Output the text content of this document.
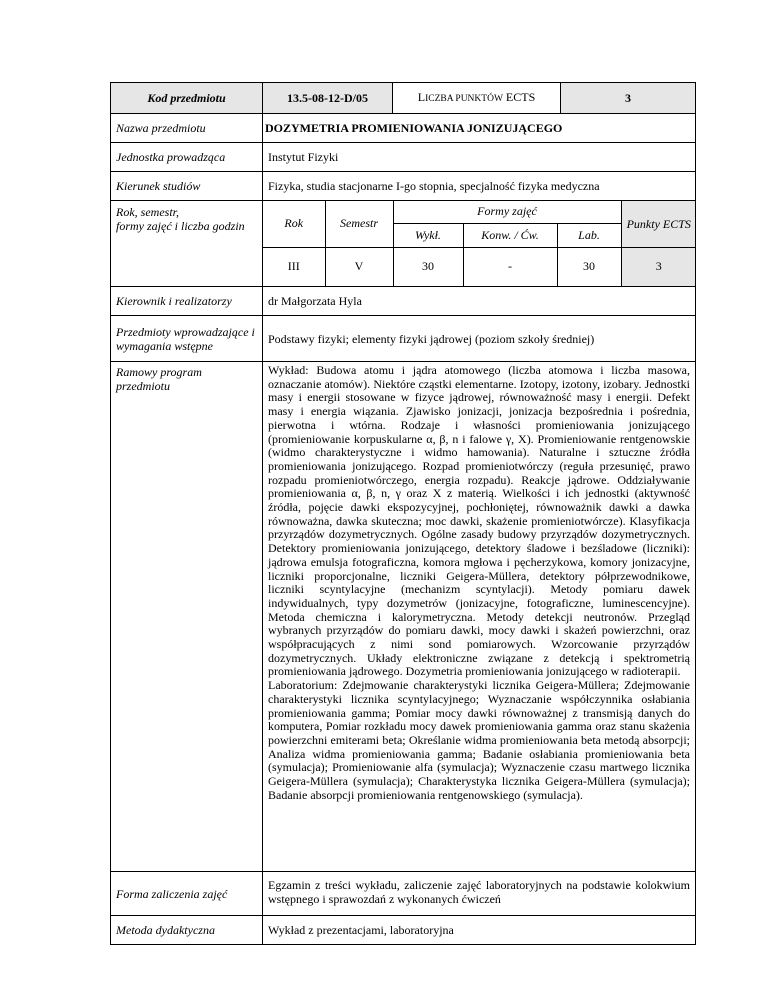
Kod przedmiotu	13.5-08-12-D/05	LICZBA PUNKTÓW ECTS	3
Nazwa przedmiotu	DOZYMETRIA PROMIENIOWANIA JONIZUJĄCEGO
Jednostka prowadząca	Instytut Fizyki
Kierunek studiów	Fizyka, studia stacjonarne I-go stopnia, specjalność fizyka medyczna

Rok, semestr,
formy zajęć i liczba godzin
		Rok	Semestr	Formy zajęć	Punkty ECTS
Wykł.	Konw. / Ćw.	Lab.
III	V	30	-	30	3

Kierownik i realizatorzy	dr Małgorzata Hyla
Przedmioty wprowadzające i wymagania wstępne	Podstawy fizyki; elementy fizyki jądrowej (poziom szkoły średniej)
Ramowy program przedmiotu	
Wykład: Budowa atomu i jądra atomowego (liczba atomowa i liczba masowa, oznaczanie atomów). Niektóre cząstki elementarne. Izotopy, izotony, izobary. Jednostki masy i energii stosowane w fizyce jądrowej, równoważność masy i energii. Defekt masy i energia wiązania. Zjawisko jonizacji, jonizacja bezpośrednia i pośrednia, pierwotna i wtórna. Rodzaje i własności promieniowania jonizującego (promieniowanie korpuskularne α, β, n i falowe γ, X). Promieniowanie rentgenowskie (widmo charakterystyczne i widmo hamowania). Naturalne i sztuczne źródła promieniowania jonizującego. Rozpad promieniotwórczy (reguła przesunięć, prawo rozpadu promieniotwórczego, energia rozpadu). Reakcje jądrowe. Oddziaływanie promieniowania α, β, n, γ oraz X z materią. Wielkości i ich jednostki (aktywność źródła, pojęcie dawki ekspozycyjnej, pochłoniętej, równoważnik dawki a dawka równoważna, dawka skuteczna; moc dawki, skażenie promieniotwórcze). Klasyfikacja przyrządów dozymetrycznych. Ogólne zasady budowy przyrządów dozymetrycznych. Detektory promieniowania jonizującego, detektory śladowe i bezśladowe (liczniki): jądrowa emulsja fotograficzna, komora mgłowa i pęcherzykowa, komory jonizacyjne, liczniki proporcjonalne, liczniki Geigera-Müllera, detektory półprzewodnikowe, liczniki scyntylacyjne (mechanizm scyntylacji). Metody pomiaru dawek indywidualnych, typy dozymetrów (jonizacyjne, fotograficzne, luminescencyjne). Metoda chemiczna i kalorymetryczna. Metody detekcji neutronów. Przegląd wybranych przyrządów do pomiaru dawki, mocy dawki i skażeń powierzchni, oraz współpracujących z nimi sond pomiarowych. Wzorcowanie przyrządów dozymetrycznych. Układy elektroniczne związane z detekcją i spektrometrią promieniowania jądrowego. Dozymetria promieniowania jonizującego w radioterapii.
Laboratorium: Zdejmowanie charakterystyki licznika Geigera-Müllera; Zdejmowanie charakterystyki licznika scyntylacyjnego; Wyznaczanie współczynnika osłabiania promieniowania gamma; Pomiar mocy dawki równoważnej z transmisją danych do komputera, Pomiar rozkładu mocy dawek promieniowania gamma oraz stanu skażenia powierzchni emiterami beta; Określanie widma promieniowania beta metodą absorpcji; Analiza widma promieniowania gamma; Badanie osłabiania promieniowania beta (symulacja); Promieniowanie alfa (symulacja); Wyznaczenie czasu martwego licznika Geigera-Müllera (symulacja); Charakterystyka licznika Geigera-Müllera (symulacja); Badanie absorpcji promieniowania rentgenowskiego (symulacja).

Forma zaliczenia zajęć	Egzamin z treści wykładu, zaliczenie zajęć laboratoryjnych na podstawie kolokwium wstępnego i sprawozdań z wykonanych ćwiczeń
Metoda dydaktyczna	Wykład z prezentacjami, laboratoryjna
